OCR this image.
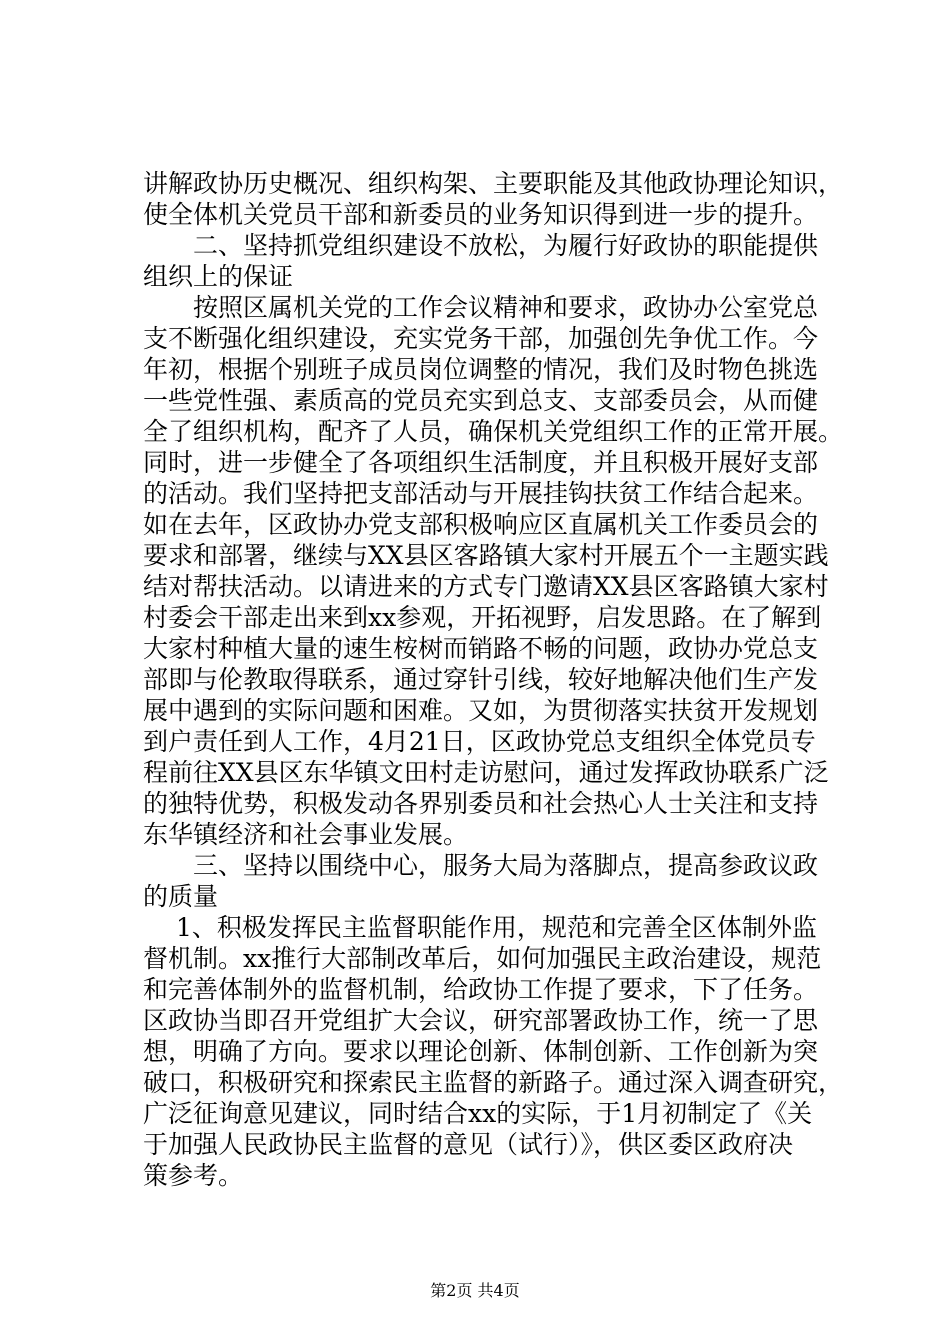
讲解政协历史概况、组织构架、主要职能及其他政协理论知识，
使全体机关党员干部和新委员的业务知识得到进一步的提升。
二、坚持抓党组织建设不放松，为履行好政协的职能提供
组织上的保证
按照区属机关党的工作会议精神和要求，政协办公室党总
支不断强化组织建设，充实党务干部，加强创先争优工作。今
年初，根据个别班子成员岗位调整的情况，我们及时物色挑选
一些党性强、素质高的党员充实到总支、支部委员会，从而健
全了组织机构，配齐了人员，确保机关党组织工作的正常开展。
同时，进一步健全了各项组织生活制度，并且积极开展好支部
的活动。我们坚持把支部活动与开展挂钩扶贫工作结合起来。
如在去年，区政协办党支部积极响应区直属机关工作委员会的
要求和部署，继续与XX县区客路镇大家村开展五个一主题实践
结对帮扶活动。以请进来的方式专门邀请XX县区客路镇大家村
村委会干部走出来到xx参观，开拓视野，启发思路。在了解到
大家村种植大量的速生桉树而销路不畅的问题，政协办党总支
部即与伦教取得联系，通过穿针引线，较好地解决他们生产发
展中遇到的实际问题和困难。又如，为贯彻落实扶贫开发规划
到户责任到人工作，4月21日，区政协党总支组织全体党员专
程前往XX县区东华镇文田村走访慰问，通过发挥政协联系广泛
的独特优势，积极发动各界别委员和社会热心人士关注和支持
东华镇经济和社会事业发展。
三、坚持以围绕中心，服务大局为落脚点，提高参政议政
的质量
1、积极发挥民主监督职能作用，规范和完善全区体制外监
督机制。xx推行大部制改革后，如何加强民主政治建设，规范
和完善体制外的监督机制，给政协工作提了要求，下了任务。
区政协当即召开党组扩大会议，研究部署政协工作，统一了思
想，明确了方向。要求以理论创新、体制创新、工作创新为突
破口，积极研究和探索民主监督的新路子。通过深入调查研究，
广泛征询意见建议，同时结合xx的实际，于1月初制定了《关
于加强人民政协民主监督的意见（试行）》，供区委区政府决
策参考。
第2页 共4页
